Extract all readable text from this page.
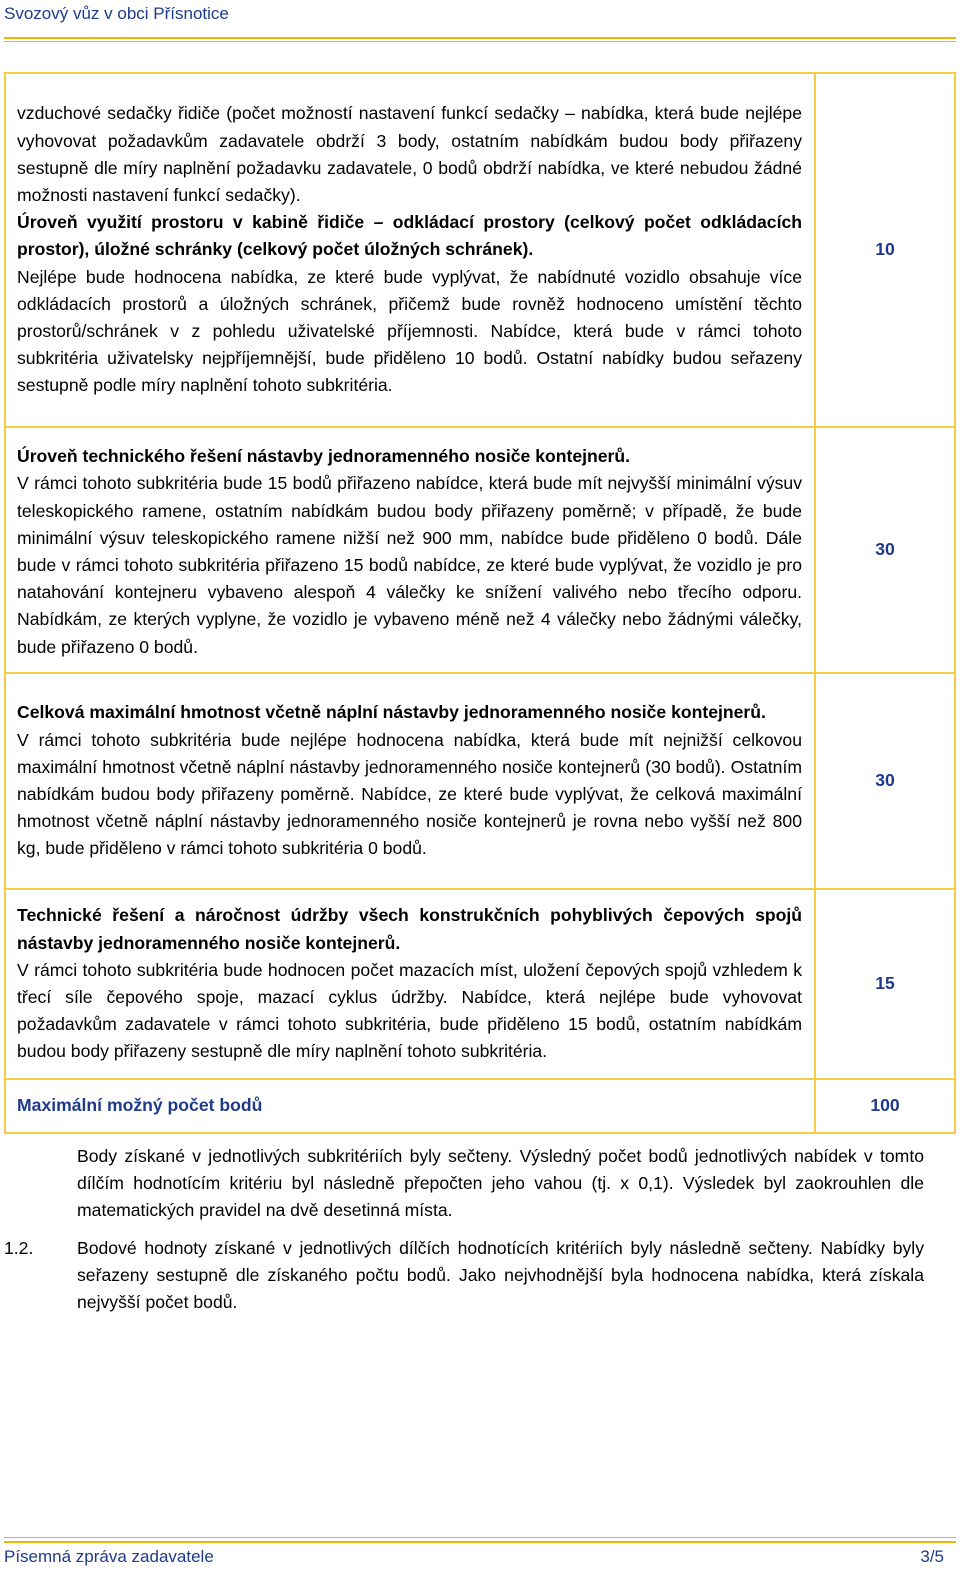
Svozový vůz v obci Přísnotice

vzduchové sedačky řidiče (počet možností nastavení funkcí sedačky – nabídka, která bude nejlépe vyhovovat požadavkům zadavatele obdrží 3 body, ostatním nabídkám budou body přiřazeny sestupně dle míry naplnění požadavku zadavatele, 0 bodů obdrží nabídka, ve které nebudou žádné možnosti nastavení funkcí sedačky).

Úroveň využití prostoru v kabině řidiče – odkládací prostory (celkový počet odkládacích prostor), úložné schránky (celkový počet úložných schránek).

Nejlépe bude hodnocena nabídka, ze které bude vyplývat, že nabídnuté vozidlo obsahuje více odkládacích prostorů a úložných schránek, přičemž bude rovněž hodnoceno umístění těchto prostorů/schránek v z pohledu uživatelské příjemnosti. Nabídce, která bude v rámci tohoto subkritéria uživatelsky nejpříjemnější, bude přiděleno 10 bodů. Ostatní nabídky budou seřazeny sestupně podle míry naplnění tohoto subkritéria.	10

Úroveň technického řešení nástavby jednoramenného nosiče kontejnerů.

V rámci tohoto subkritéria bude 15 bodů přiřazeno nabídce, která bude mít nejvyšší minimální výsuv teleskopického ramene, ostatním nabídkám budou body přiřazeny poměrně; v případě, že bude minimální výsuv teleskopického ramene nižší než 900 mm, nabídce bude přiděleno 0 bodů. Dále bude v rámci tohoto subkritéria přiřazeno 15 bodů nabídce, ze které bude vyplývat, že vozidlo je pro natahování kontejneru vybaveno alespoň 4 válečky ke snížení valivého nebo třecího odporu. Nabídkám, ze kterých vyplyne, že vozidlo je vybaveno méně než 4 válečky nebo žádnými válečky, bude přiřazeno 0 bodů.	30

Celková maximální hmotnost včetně náplní nástavby jednoramenného nosiče kontejnerů.

V rámci tohoto subkritéria bude nejlépe hodnocena nabídka, která bude mít nejnižší celkovou maximální hmotnost včetně náplní nástavby jednoramenného nosiče kontejnerů (30 bodů). Ostatním nabídkám budou body přiřazeny poměrně. Nabídce, ze které bude vyplývat, že celková maximální hmotnost včetně náplní nástavby jednoramenného nosiče kontejnerů je rovna nebo vyšší než 800 kg, bude přiděleno v rámci tohoto subkritéria 0 bodů.	30

Technické řešení a náročnost údržby všech konstrukčních pohyblivých čepových spojů nástavby jednoramenného nosiče kontejnerů.

V rámci tohoto subkritéria bude hodnocen počet mazacích míst, uložení čepových spojů vzhledem k třecí síle čepového spoje, mazací cyklus údržby. Nabídce, která nejlépe bude vyhovovat požadavkům zadavatele v rámci tohoto subkritéria, bude přiděleno 15 bodů, ostatním nabídkám budou body přiřazeny sestupně dle míry naplnění tohoto subkritéria.	15
Maximální možný počet bodů	100
Body získané v jednotlivých subkritériích byly sečteny. Výsledný počet bodů jednotlivých nabídek v tomto dílčím hodnotícím kritériu byl následně přepočten jeho vahou (tj. x 0,1). Výsledek byl zaokrouhlen dle matematických pravidel na dvě desetinná místa.
1.2. Bodové hodnoty získané v jednotlivých dílčích hodnotících kritériích byly následně sečteny. Nabídky byly seřazeny sestupně dle získaného počtu bodů. Jako nejvhodnější byla hodnocena nabídka, která získala nejvyšší počet bodů.
Písemná zpráva zadavatele	3/5
